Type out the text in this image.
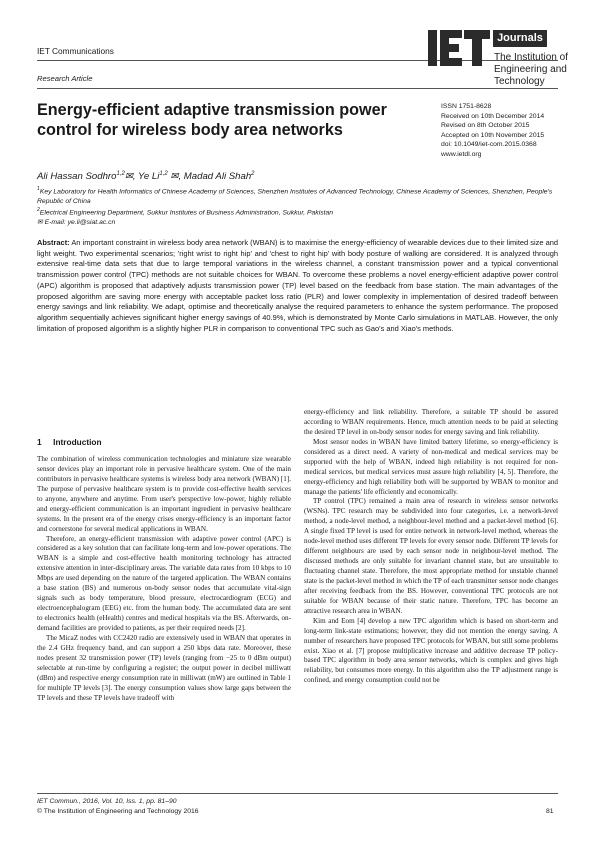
IET Communications
Research Article
Journals
The Institution of
Engineering and Technology
Energy-efficient adaptive transmission power control for wireless body area networks
ISSN 1751-8628
Received on 10th December 2014
Revised on 8th October 2015
Accepted on 10th November 2015
doi: 10.1049/iet-com.2015.0368
www.ietdl.org
Ali Hassan Sodhro$^{1,2}$✉, Ye Li$^{1,2}$ ✉, Madad Ali Shah$^2$
$^1$Key Laboratory for Health Informatics of Chinese Academy of Sciences, Shenzhen Institutes of Advanced Technology, Chinese Academy of Sciences, Shenzhen, People's Republic of China
$^2$Electrical Engineering Department, Sukkur Institutes of Business Administration, Sukkur, Pakistan
✉ E-mail: ye.li@siat.ac.cn
Abstract: An important constraint in wireless body area network (WBAN) is to maximise the energy-efficiency of wearable devices due to their limited size and light weight. Two experimental scenarios; 'right wrist to right hip' and 'chest to right hip' with body posture of walking are considered. It is analyzed through extensive real-time data sets that due to large temporal variations in the wireless channel, a constant transmission power and a typical conventional transmission power control (TPC) methods are not suitable choices for WBAN. To overcome these problems a novel energy-efficient adaptive power control (APC) algorithm is proposed that adaptively adjusts transmission power (TP) level based on the feedback from base station. The main advantages of the proposed algorithm are saving more energy with acceptable packet loss ratio (PLR) and lower complexity in implementation of desired tradeoff between energy savings and link reliability. We adapt, optimise and theoretically analyse the required parameters to enhance the system performance. The proposed algorithm sequentially achieves significant higher energy savings of 40.9%, which is demonstrated by Monte Carlo simulations in MATLAB. However, the only limitation of proposed algorithm is a slightly higher PLR in comparison to conventional TPC such as Gao's and Xiao's methods.
1 Introduction

The combination of wireless communication technologies and miniature size wearable sensor devices play an important role in pervasive healthcare system. One of the main contributors in pervasive healthcare systems is wireless body area network (WBAN) [1]. The purpose of pervasive healthcare system is to provide cost-effective health services to anyone, anywhere and anytime. From user's perspective low-power, highly reliable and energy-efficient communication is an important ingredient in pervasive healthcare systems. In the present era of the energy crises energy-efficiency is an important factor and cornerstone for several medical applications in WBAN.

Therefore, an energy-efficient transmission with adaptive power control (APC) is considered as a key solution that can facilitate long-term and low-power operations. The WBAN is a simple and cost-effective health monitoring technology has attracted extensive attention in inter-disciplinary areas. The variable data rates from 10 kbps to 10 Mbps are used depending on the nature of the targeted application. The WBAN contains a base station (BS) and numerous on-body sensor nodes that accumulate vital-sign signals such as body temperature, blood pressure, electrocardiogram (ECG) and electroencephalogram (EEG) etc. from the human body. The accumulated data are sent to electronics health (eHealth) centres and medical hospitals via the BS. Afterwards, on-demand facilities are provided to patients, as per their required needs [2].

The MicaZ nodes with CC2420 radio are extensively used in WBAN that operates in the 2.4 GHz frequency band, and can support a 250 kbps data rate. Moreover, these nodes present 32 transmission power (TP) levels (ranging from −25 to 0 dBm output) selectable at run-time by configuring a register; the output power in decibel milliwatt (dBm) and respective energy consumption rate in milliwatt (mW) are outlined in Table 1 for multiple TP levels [3]. The energy consumption values show large gaps between the TP levels and these TP levels have tradeoff with

energy-efficiency and link reliability. Therefore, a suitable TP should be assured according to WBAN requirements. Hence, much attention needs to be paid at selecting the desired TP level in on-body sensor nodes for energy saving and link reliability.

Most sensor nodes in WBAN have limited battery lifetime, so energy-efficiency is considered as a direct need. A variety of non-medical and medical services may be supported with the help of WBAN, indeed high reliability is not required for non-medical services, but medical services must assure high reliability [4, 5]. Therefore, the energy-efficiency and high reliability both will be supported by WBAN to monitor and manage the patients' life efficiently and economically.

TP control (TPC) remained a main area of research in wireless sensor networks (WSNs). TPC research may be subdivided into four categories, i.e. a network-level method, a node-level method, a neighbour-level method and a packet-level method [6]. A single fixed TP level is used for entire network in network-level method, whereas the node-level method uses different TP levels for every sensor node. Different TP levels for different neighbours are used by each sensor node in neighbour-level method. The discussed methods are only suitable for invariant channel state, but are unsuitable to fluctuating channel state. Therefore, the most appropriate method for unstable channel state is the packet-level method in which the TP of each transmitter sensor node changes after receiving feedback from the BS. However, conventional TPC protocols are not suitable for WBAN because of their static nature. Therefore, TPC has become an attractive research area in WBAN.

Kim and Eom [4] develop a new TPC algorithm which is based on short-term and long-term link-state estimations; however, they did not mention the energy saving. A number of researchers have proposed TPC protocols for WBAN, but still some problems exist. Xiao et al. [7] propose multiplicative increase and additive decrease TP policy-based TPC algorithm in body area sensor networks, which is complex and gives high reliability, but consumes more energy. In this algorithm also the TP adjustment range is confined, and energy consumption could not be

IET Commun., 2016, Vol. 10, Iss. 1, pp. 81–90
© The Institution of Engineering and Technology 2016	81
